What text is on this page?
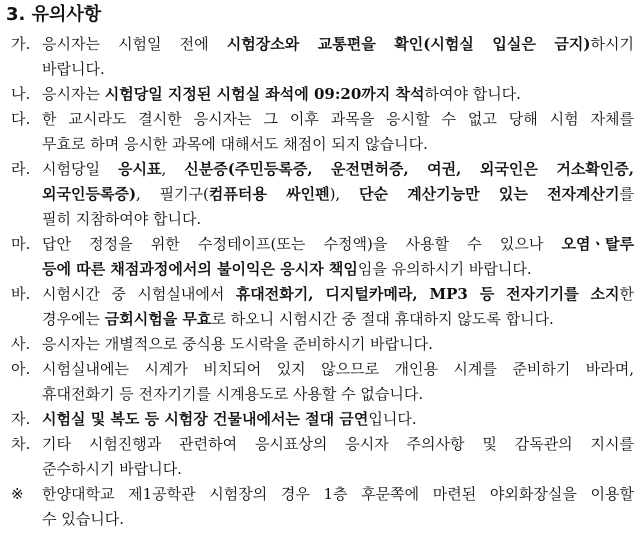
3. 유의사항
가. 응시자는 시험일 전에 시험장소와 교통편을 확인(시험실 입실은 금지)하시기
바랍니다.
나. 응시자는 시험당일 지정된 시험실 좌석에 09:20까지 착석하여야 합니다.
다. 한 교시라도 결시한 응시자는 그 이후 과목을 응시할 수 없고 당해 시험 자체를
무효로 하며 응시한 과목에 대해서도 채점이 되지 않습니다.
라. 시험당일 응시표, 신분증(주민등록증, 운전면허증, 여권, 외국인은 거소확인증,
외국인등록증), 필기구(컴퓨터용 싸인펜), 단순 계산기능만 있는 전자계산기를
필히 지참하여야 합니다.
마. 답안 정정을 위한 수정테이프(또는 수정액)을 사용할 수 있으나 오염ㆍ탈루
등에 따른 채점과정에서의 불이익은 응시자 책임임을 유의하시기 바랍니다.
바. 시험시간 중 시험실내에서 휴대전화기, 디지털카메라, MP3 등 전자기기를 소지한
경우에는 금회시험을 무효로 하오니 시험시간 중 절대 휴대하지 않도록 합니다.
사. 응시자는 개별적으로 중식용 도시락을 준비하시기 바랍니다.
아. 시험실내에는 시계가 비치되어 있지 않으므로 개인용 시계를 준비하기 바라며,
휴대전화기 등 전자기기를 시계용도로 사용할 수 없습니다.
자. 시험실 및 복도 등 시험장 건물내에서는 절대 금연입니다.
차. 기타 시험진행과 관련하여 응시표상의 응시자 주의사항 및 감독관의 지시를
준수하시기 바랍니다.
※ 한양대학교 제1공학관 시험장의 경우 1층 후문쪽에 마련된 야외화장실을 이용할
수 있습니다.
